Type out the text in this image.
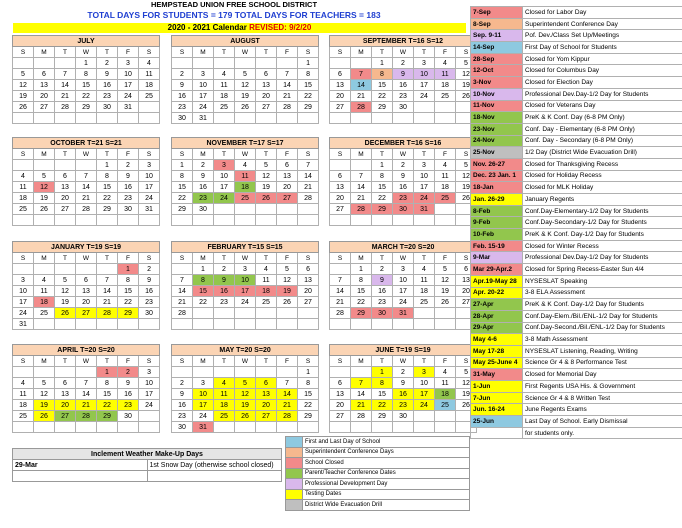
HEMPSTEAD UNION FREE SCHOOL DISTRICT
TOTAL DAYS FOR STUDENTS = 179 TOTAL DAYS FOR TEACHERS = 183
2020 - 2021 Calendar REVISED: 9/2/20
JULY						
S	M	T	W	T	F	S
			1	2	3	4
5	6	7	8	9	10	11
12	13	14	15	16	17	18
19	20	21	22	23	24	25
26	27	28	29	30	31	

AUGUST						
S	M	T	W	T	F	S
						1
2	3	4	5	6	7	8
9	10	11	12	13	14	15
16	17	18	19	20	21	22
23	24	25	26	27	28	29
30	31					
SEPTEMBER T=16 S=12						
S	M	T	W	T	F	S
		1	2	3	4	5
6	7	8	9	10	11	12
13	14	15	16	17	18	19
20	21	22	23	24	25	26
27	28	29	30			

OCTOBER T=21 S=21						
S	M	T	W	T	F	S
				1	2	3
4	5	6	7	8	9	10
11	12	13	14	15	16	17
18	19	20	21	22	23	24
25	26	27	28	29	30	31

NOVEMBER T=17 S=17						
S	M	T	W	T	F	S
1	2	3	4	5	6	7
8	9	10	11	12	13	14
15	16	17	18	19	20	21
22	23	24	25	26	27	28
29	30					

DECEMBER T=16 S=16						
S	M	T	W	T	F	S
		1	2	3	4	5
6	7	8	9	10	11	12
13	14	15	16	17	18	19
20	21	22	23	24	25	26
27	28	29	30	31		

JANUARY T=19 S=19						
S	M	T	W	T	F	S
					1	2
3	4	5	6	7	8	9
10	11	12	13	14	15	16
17	18	19	20	21	22	23
24	25	26	27	28	29	30
31						
FEBRUARY T=15 S=15						
S	M	T	W	T	F	S
	1	2	3	4	5	6
7	8	9	10	11	12	13
14	15	16	17	18	19	20
21	22	23	24	25	26	27
28						

MARCH T=20 S=20						
S	M	T	W	T	F	S
	1	2	3	4	5	6
7	8	9	10	11	12	13
14	15	16	17	18	19	20
21	22	23	24	25	26	27
28	29	30	31			

APRIL T=20 S=20						
S	M	T	W	T	F	S
				1	2	3
4	5	6	7	8	9	10
11	12	13	14	15	16	17
18	19	20	21	22	23	24
25	26	27	28	29	30	

MAY T=20 S=20						
S	M	T	W	T	F	S
						1
2	3	4	5	6	7	8
9	10	11	12	13	14	15
16	17	18	19	20	21	22
23	24	25	26	27	28	29
30	31					
JUNE T=19 S=19						
S	M	T	W	T	F	S
		1	2	3	4	5
6	7	8	9	10	11	12
13	14	15	16	17	18	19
20	21	22	23	24	25	26
27	28	29	30			

7-Sep	Closed for Labor Day
8-Sep	Superintendent Conference Day
Sep. 9-11	Pof. Dev./Class Set Up/Meetings
14-Sep	First Day of School for Students
28-Sep	Closed for Yom Kippur
12-Oct	Closed for Columbus Day
3-Nov	Closed for Election Day
10-Nov	Professional Dev.Day-1/2 Day for Students
11-Nov	Closed for Veterans Day
18-Nov	PreK & K Conf. Day (6-8 PM Only)
23-Nov	Conf. Day - Elementary (6-8 PM Only)
24-Nov	Conf. Day - Secondary (6-8 PM Only)
25-Nov	1/2 Day (District Wide Evacuation Drill)
Nov. 26-27	Closed for Thanksgiving Recess
Dec. 23 Jan. 1	Closed for Holiday Recess
18-Jan	Closed for MLK Holiday
Jan. 26-29	January Regents
8-Feb	Conf.Day-Elementary-1/2 Day for Students
9-Feb	Conf.Day-Secondary-1/2 Day for Students
10-Feb	PreK & K Conf. Day-1/2 Day for Students
Feb. 15-19	Closed for Winter Recess
9-Mar	Professional Dev.Day-1/2 Day for Students
Mar 29-Apr.2	Closed for Spring Recess-Easter Sun 4/4
Apr.19-May 28	NYSESLAT Speaking
Apr. 20-22	3-8 ELA Assessment
27-Apr	PreK & K Conf. Day-1/2 Day for Students
28-Apr	Conf.Day-Elem./Bil./ENL-1/2 Day for Students
29-Apr	Conf.Day-Second./Bil./ENL-1/2 Day for Students
May 4-6	3-8 Math Assessment
May 17-28	NYSESLAT Listening, Reading, Writing
May 25-June 4	Science Gr 4 & 8 Performance Test
31-May	Closed for Memorial Day
1-Jun	First Regents USA His. & Government
7-Jun	Science Gr 4 & 8 Written Test
Jun. 16-24	June Regents Exams
25-Jun	Last Day of School. Early Dismissal
	for students only.
	First and Last Day of School
	Superintendent Conference Days
	School Closed
	Parent/Teacher Conference Dates
	Professional Development Day
	Testing Dates
	District Wide Evacuation Drill
Inclement Weather Make-Up Days	
29-Mar	1st Snow Day (otherwise school closed)
